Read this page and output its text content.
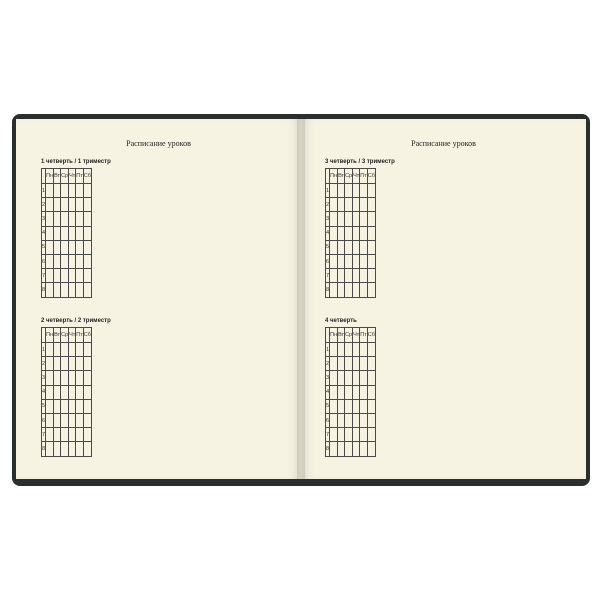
Расписание уроков
1 четверть / 1 триместр
	Пн	Вт	Ср	Чт	Пт	Сб
1						
2						
3						
4						
5						
6						
7						
8						
2 четверть / 2 триместр
	Пн	Вт	Ср	Чт	Пт	Сб
1						
2						
3						
4						
5						
6						
7						
8						
Расписание уроков
3 четверть / 3 триместр
	Пн	Вт	Ср	Чт	Пт	Сб
1						
2						
3						
4						
5						
6						
7						
8						
4 четверть
	Пн	Вт	Ср	Чт	Пт	Сб
1						
2						
3						
4						
5						
6						
7						
8						
